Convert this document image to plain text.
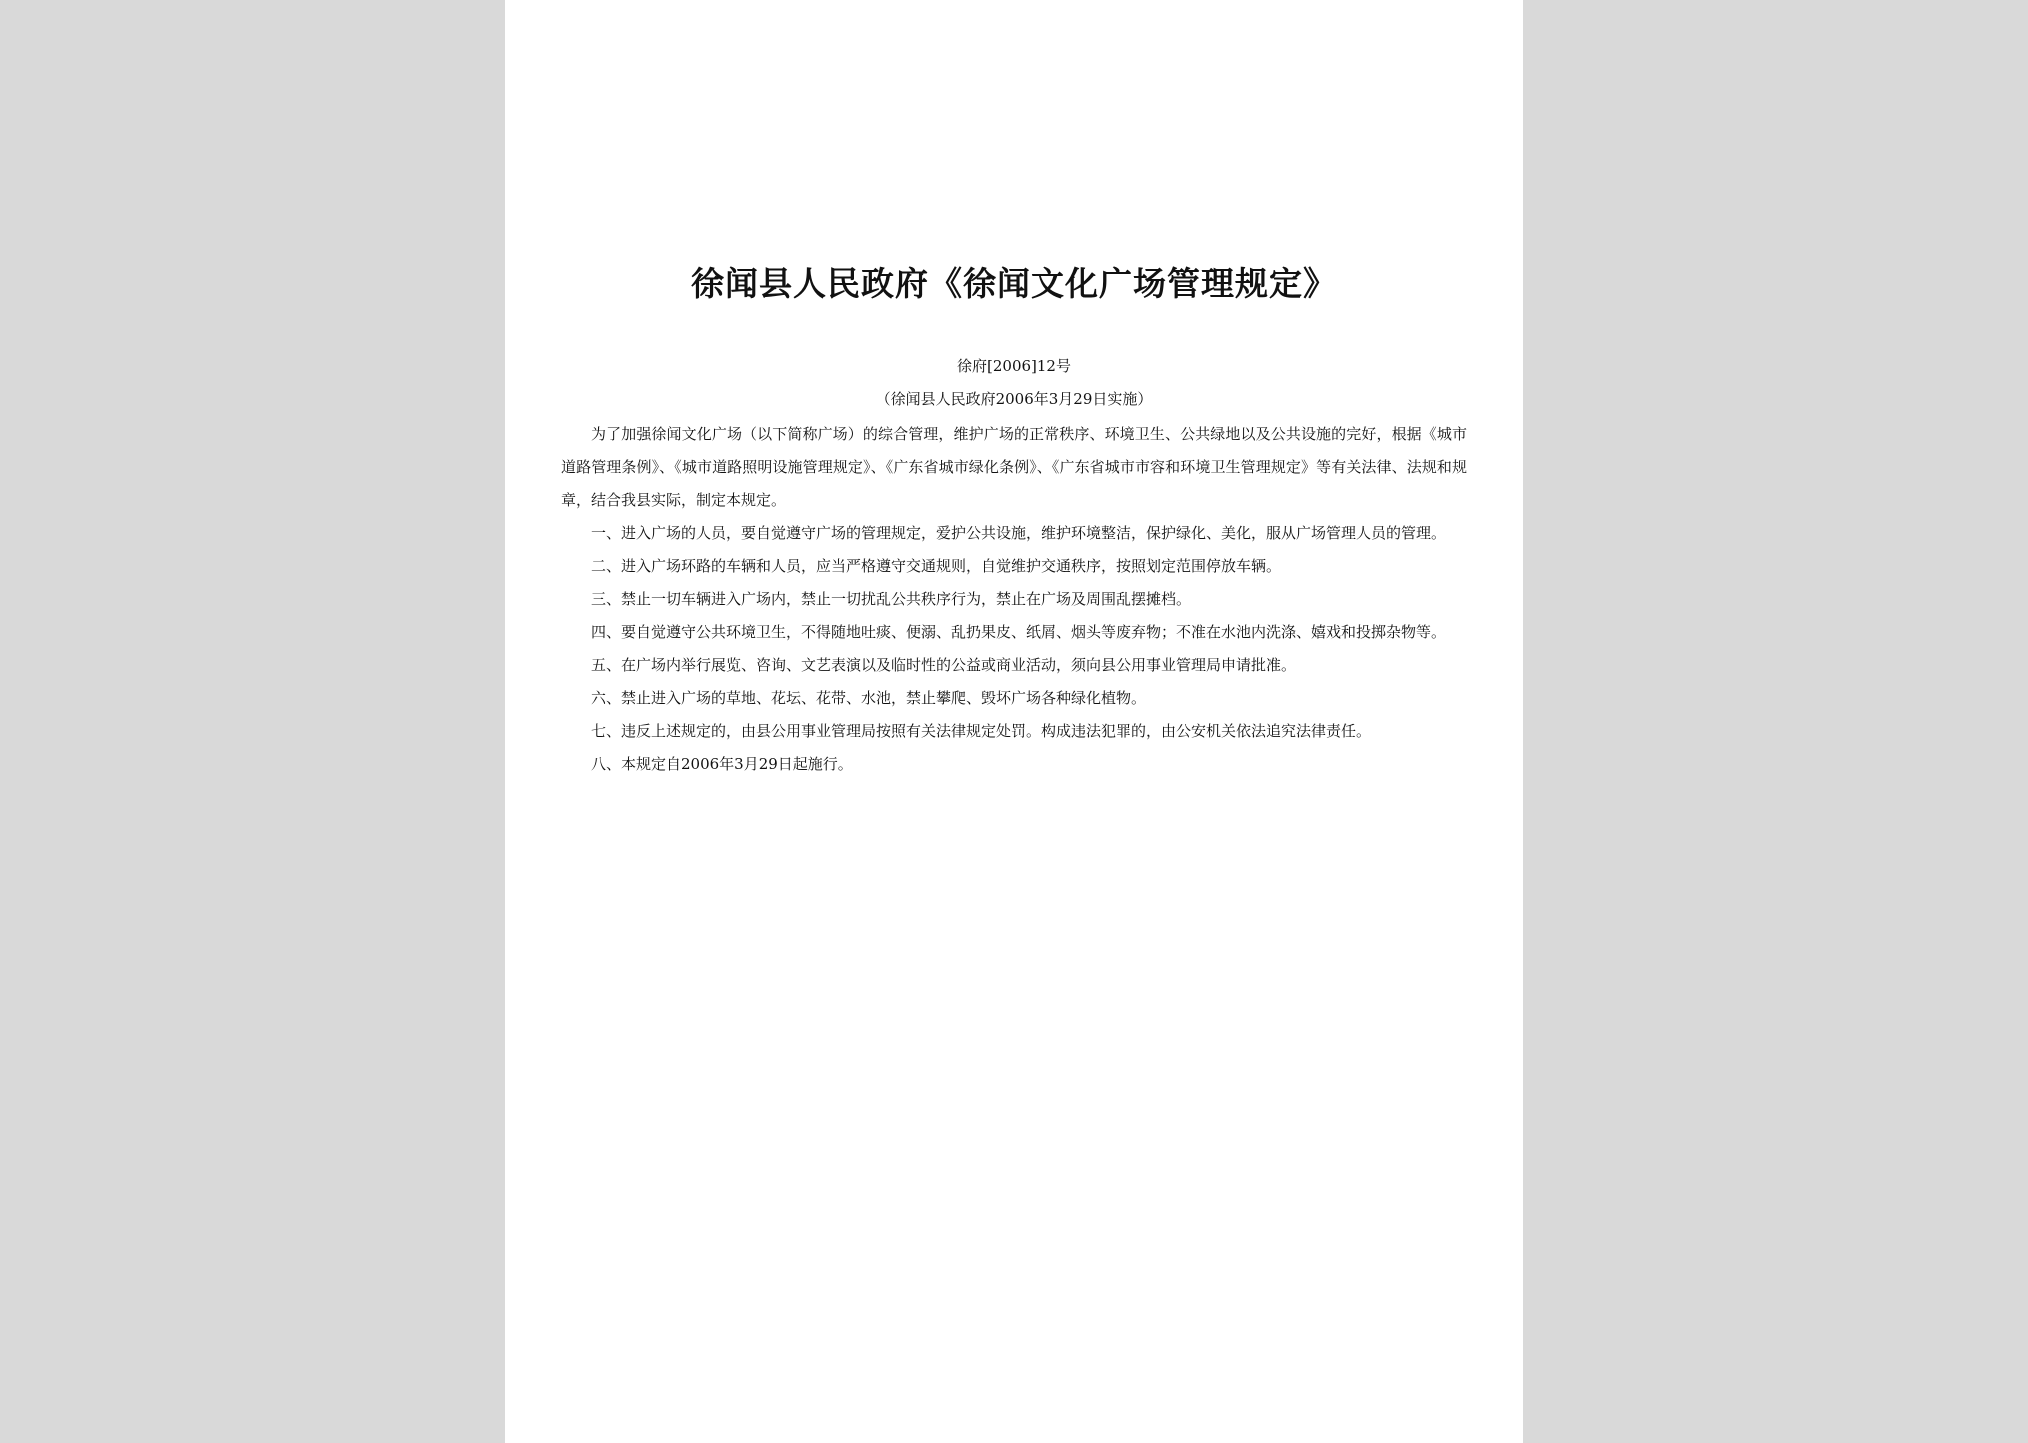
徐闻县人民政府《徐闻文化广场管理规定》
徐府[2006]12号
（徐闻县人民政府2006年3月29日实施）

为了加强徐闻文化广场（以下简称广场）的综合管理，维护广场的正常秩序、环境卫生、公共绿地以及公共设施的完好，根据《城市道路管理条例》、《城市道路照明设施管理规定》、《广东省城市绿化条例》、《广东省城市市容和环境卫生管理规定》等有关法律、法规和规章，结合我县实际，制定本规定。

一、进入广场的人员，要自觉遵守广场的管理规定，爱护公共设施，维护环境整洁，保护绿化、美化，服从广场管理人员的管理。

二、进入广场环路的车辆和人员，应当严格遵守交通规则，自觉维护交通秩序，按照划定范围停放车辆。

三、禁止一切车辆进入广场内，禁止一切扰乱公共秩序行为，禁止在广场及周围乱摆摊档。

四、要自觉遵守公共环境卫生，不得随地吐痰、便溺、乱扔果皮、纸屑、烟头等废弃物；不准在水池内洗涤、嬉戏和投掷杂物等。

五、在广场内举行展览、咨询、文艺表演以及临时性的公益或商业活动，须向县公用事业管理局申请批准。

六、禁止进入广场的草地、花坛、花带、水池，禁止攀爬、毁坏广场各种绿化植物。

七、违反上述规定的，由县公用事业管理局按照有关法律规定处罚。构成违法犯罪的，由公安机关依法追究法律责任。

八、本规定自2006年3月29日起施行。
